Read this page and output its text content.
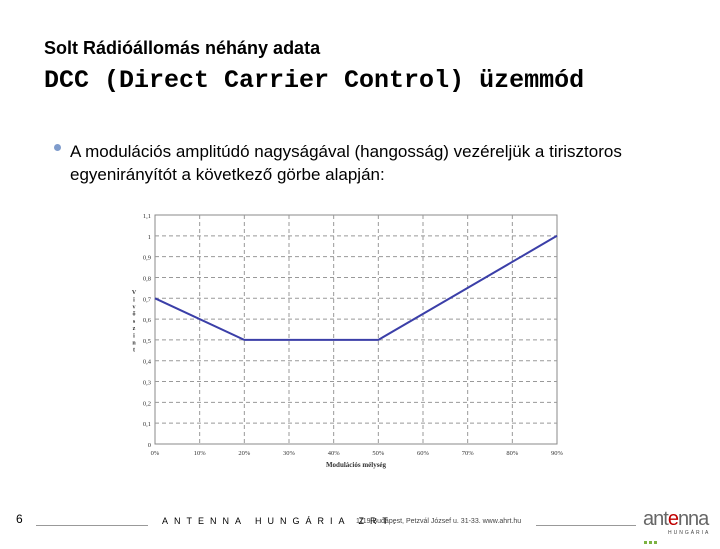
Solt Rádióállomás néhány adata
DCC (Direct Carrier Control) üzemmód
A modulációs amplitúdó nagyságával (hangosság) vezéreljük a tirisztoros egyenirányítót a következő görbe alapján:
0
0,1
0,2
0,3
0,4
0,5
0,6
0,7
0,8
0,9
1
1,1
0%	10%	20%	30%	40%	50%	60%	70%	80%	90%
Modulációs mélység
V
i
v
ő
s
z
i
n
t
6	ANTENNA HUNGÁRIA ZRT.
1119 Budapest, Petzvál József u. 31-33. www.ahrt.hu	antenna
HUNGÁRIA
